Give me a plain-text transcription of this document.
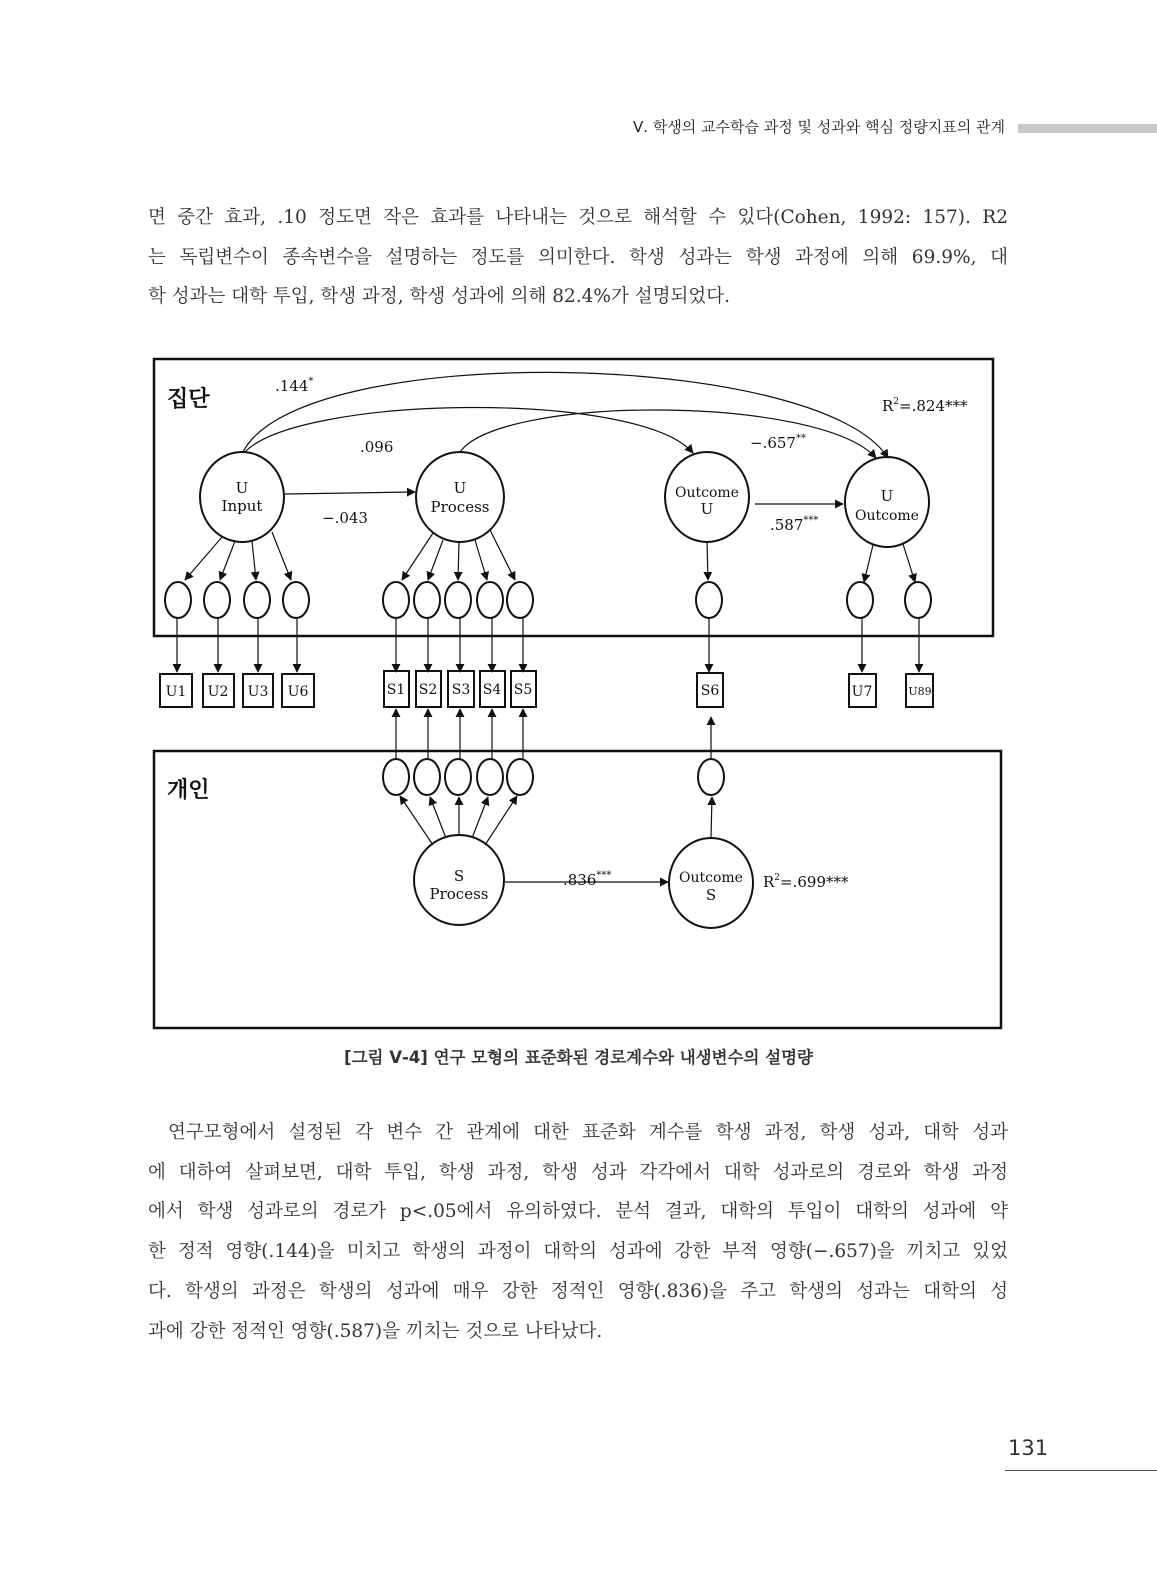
Ⅴ. 학생의 교수학습 과정 및 성과와 핵심 정량지표의 관계
면 중간 효과, .10 정도면 작은 효과를 나타내는 것으로 해석할 수 있다(Cohen, 1992: 157). R2
는 독립변수이 종속변수을 설명하는 정도를 의미한다. 학생 성과는 학생 과정에 의해 69.9%, 대
학 성과는 대학 투입, 학생 과정, 학생 성과에 의해 82.4%가 설명되었다.
집단
개인
U
Input
U
Process
Outcome
U
U
Outcome
S
Process
Outcome
S
U1 U2 U3 U6	S1 S2 S3 S4 S5	S6	U7	U89
.144*
.096	−.657**
−.043	.587***
.836***
$R^2=.824***$
$R^2=.699***$
[그림 Ⅴ-4] 연구 모형의 표준화된 경로계수와 내생변수의 설명량
연구모형에서 설정된 각 변수 간 관계에 대한 표준화 계수를 학생 과정, 학생 성과, 대학 성과
에 대하여 살펴보면, 대학 투입, 학생 과정, 학생 성과 각각에서 대학 성과로의 경로와 학생 과정
에서 학생 성과로의 경로가 p<.05에서 유의하였다. 분석 결과, 대학의 투입이 대학의 성과에 약
한 정적 영향(.144)을 미치고 학생의 과정이 대학의 성과에 강한 부적 영향(−.657)을 끼치고 있었
다. 학생의 과정은 학생의 성과에 매우 강한 정적인 영향(.836)을 주고 학생의 성과는 대학의 성
과에 강한 정적인 영향(.587)을 끼치는 것으로 나타났다.
131
